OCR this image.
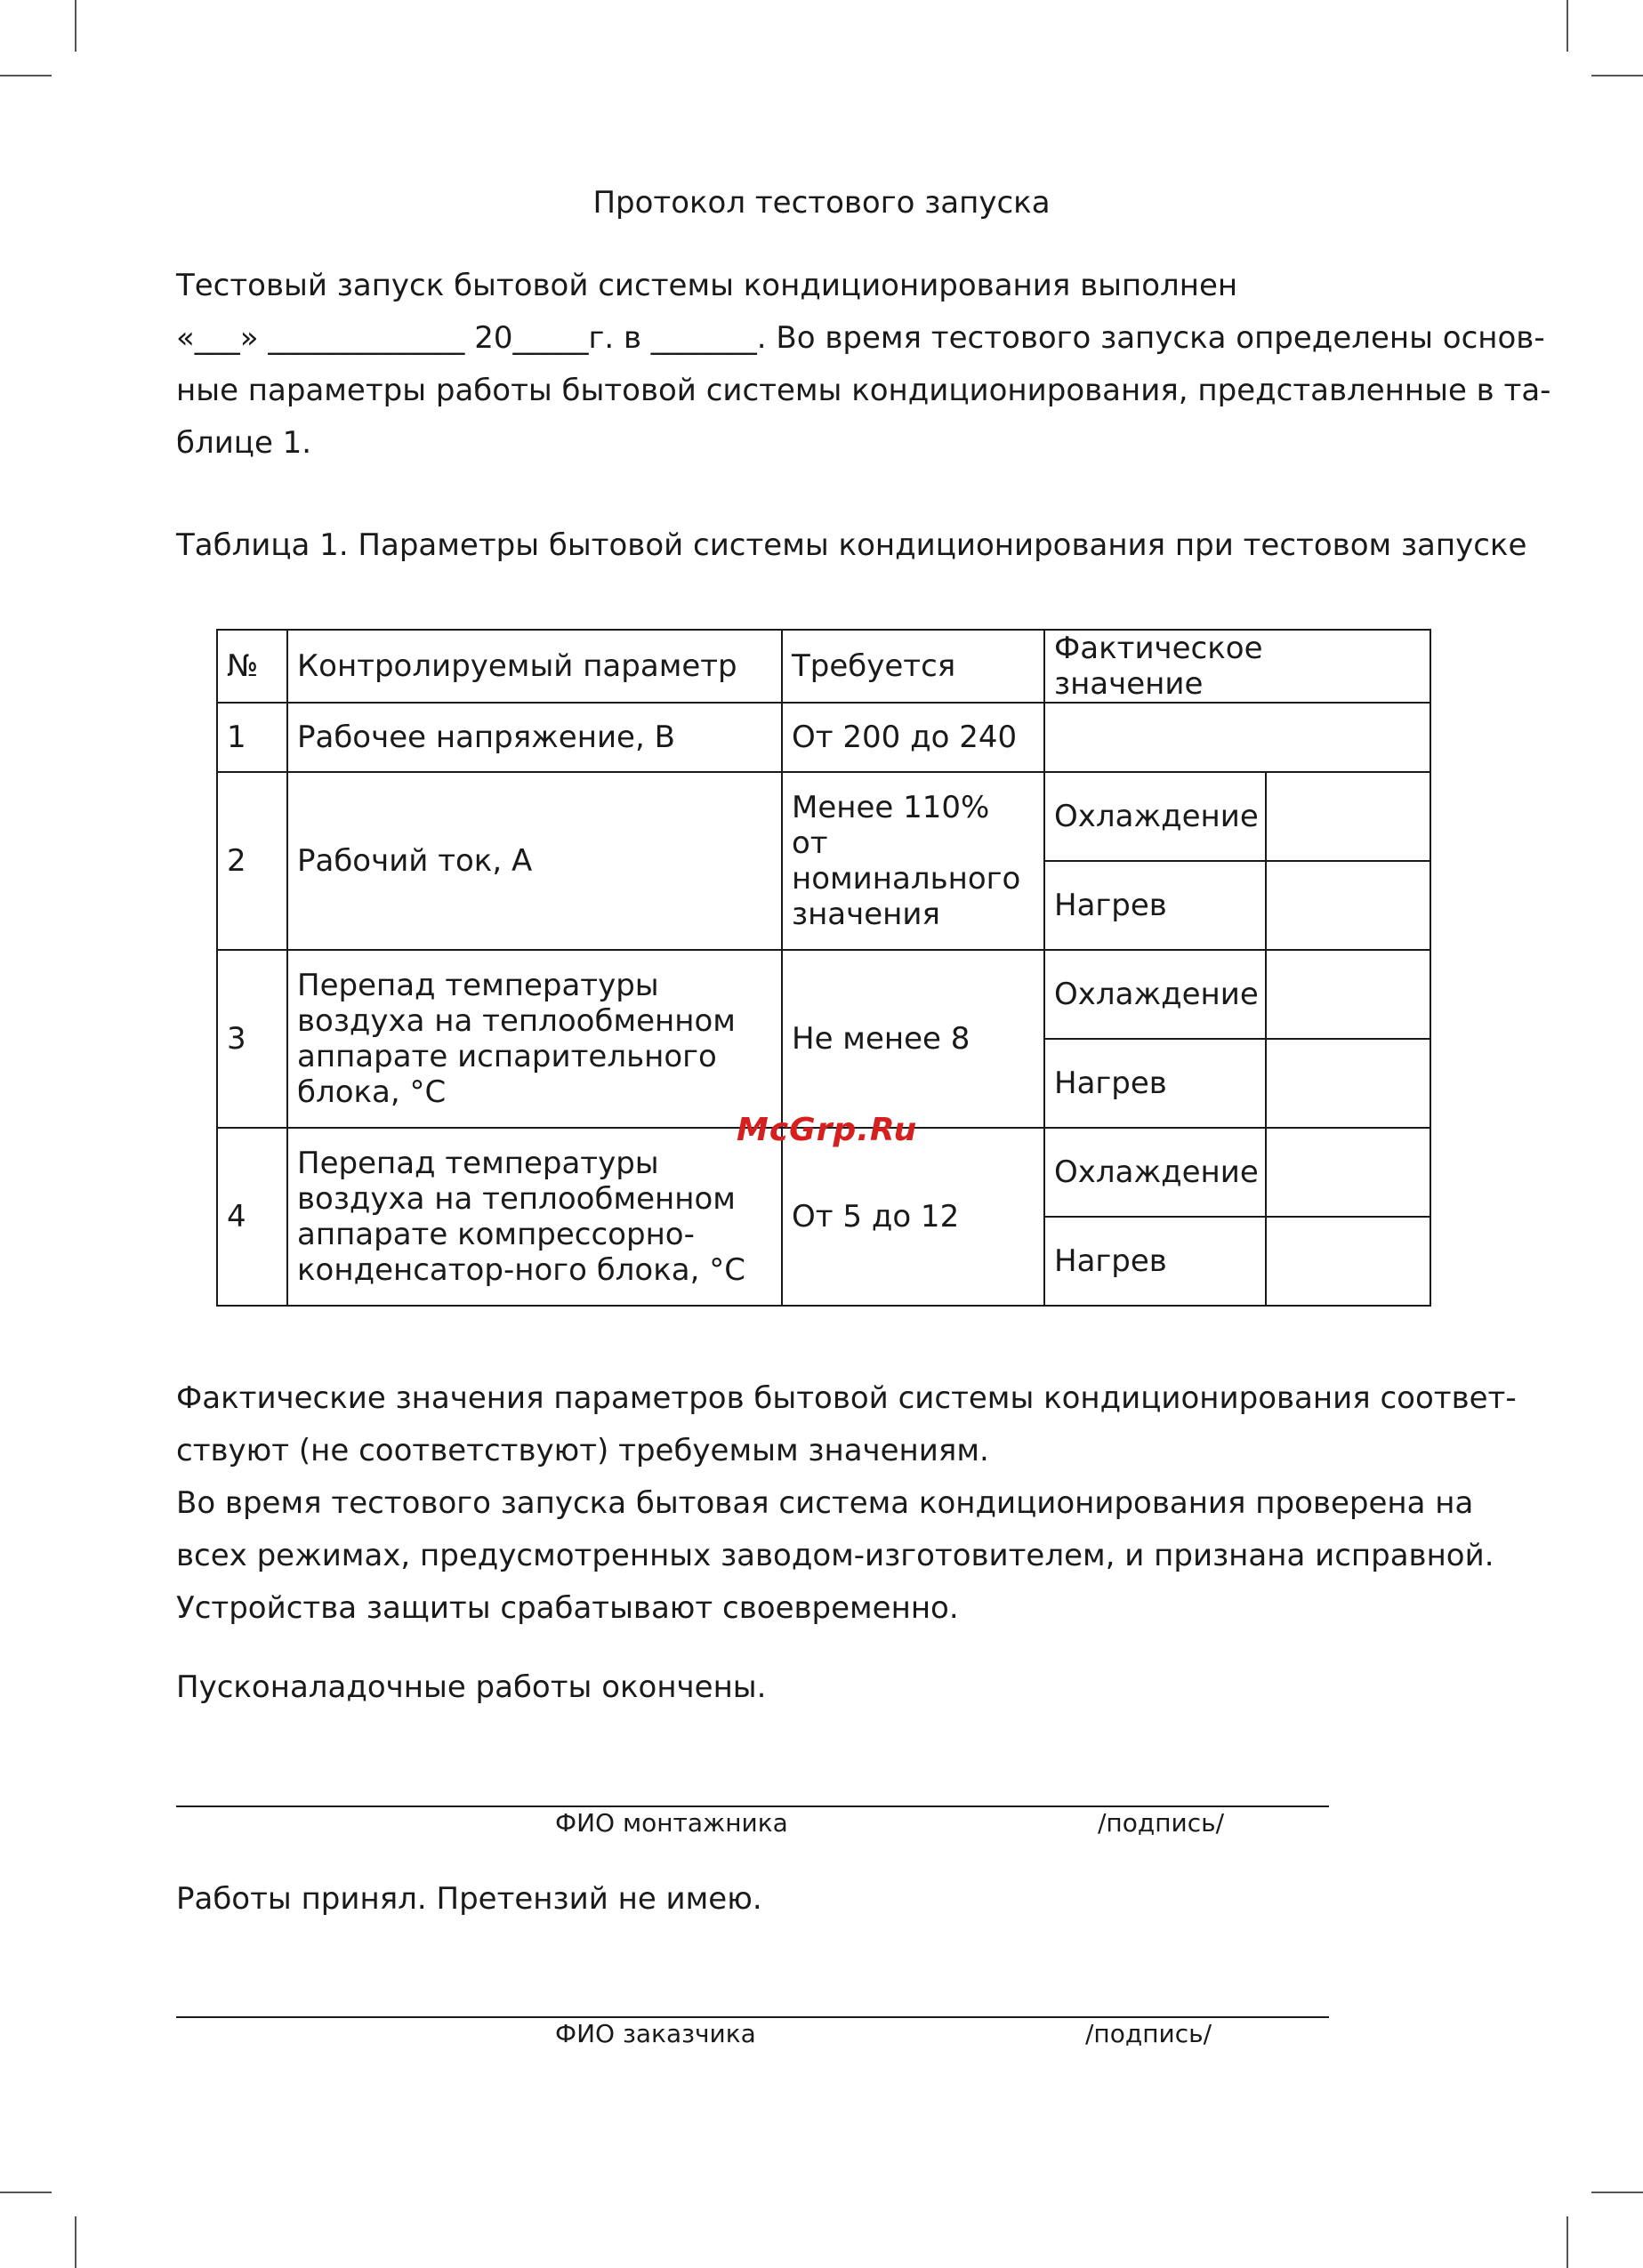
Протокол тестового запуска
Тестовый запуск бытовой системы кондиционирования выполнен
«___» _____________ 20_____г. в _______. Во время тестового запуска определены основ-
ные параметры работы бытовой системы кондиционирования, представленные в та-
блице 1.
Таблица 1. Параметры бытовой системы кондиционирования при тестовом запуске
№	Контролируемый параметр	Требуется	Фактическое значение	
1	Рабочее напряжение, В	От 200 до 240		
2	Рабочий ток, А	Менее 110% от номинального значения	Охлаждение	
			Нагрев	
3	Перепад температуры воздуха на теплообменном аппарате испарительного блока, °С	Не менее 8	Охлаждение	
			Нагрев	
4	Перепад температуры воздуха на теплообменном аппарате компрессорно-конденсатор-ного блока, °С	От 5 до 12	Охлаждение	
			Нагрев	
McGrp.Ru
Фактические значения параметров бытовой системы кондиционирования соответ-
ствуют (не соответствуют) требуемым значениям.
Во время тестового запуска бытовая система кондиционирования проверена на
всех режимах, предусмотренных заводом-изготовителем, и признана исправной.
Устройства защиты срабатывают своевременно.
Пусконаладочные работы окончены.
ФИО монтажника	/подпись/
Работы принял. Претензий не имею.
ФИО заказчика	/подпись/
